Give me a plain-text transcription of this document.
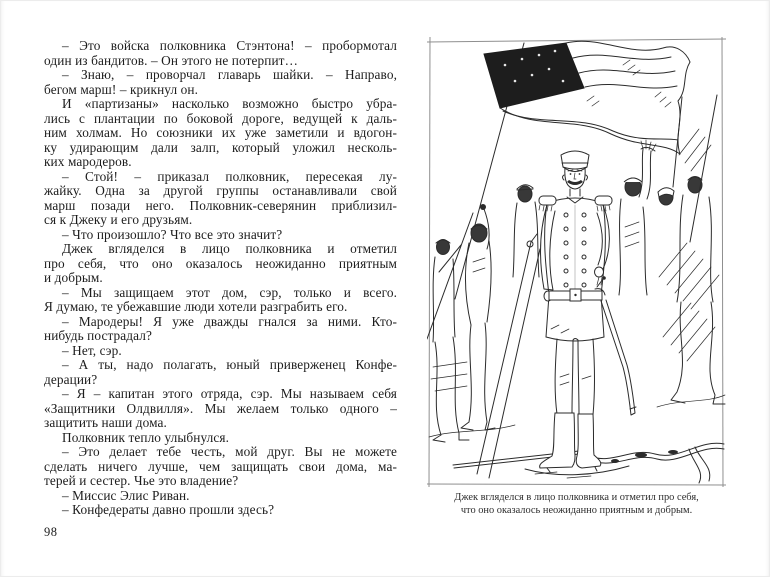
– Это войска полковника Стэнтона! – пробормотал
один из бандитов. – Он этого не потерпит…
– Знаю, – проворчал главарь шайки. – Направо,
бегом марш! – крикнул он.
И «партизаны» насколько возможно быстро убра-
лись с плантации по боковой дороге, ведущей к даль-
ним холмам. Но союзники их уже заметили и вдогон-
ку удирающим дали залп, который уложил несколь-
ких мародеров.
– Стой! – приказал полковник, пересекая лу-
жайку. Одна за другой группы останавливали свой
марш позади него. Полковник-северянин приблизил-
ся к Джеку и его друзьям.
– Что произошло? Что все это значит?
Джек вгляделся в лицо полковника и отметил
про себя, что оно оказалось неожиданно приятным
и добрым.
– Мы защищаем этот дом, сэр, только и всего.
Я думаю, те убежавшие люди хотели разграбить его.
– Мародеры! Я уже дважды гнался за ними. Кто-
нибудь пострадал?
– Нет, сэр.
– А ты, надо полагать, юный приверженец Конфе-
дерации?
– Я – капитан этого отряда, сэр. Мы называем себя
«Защитники Олдвилля». Мы желаем только одного –
защитить наши дома.
Полковник тепло улыбнулся.
– Это делает тебе честь, мой друг. Вы не можете
сделать ничего лучше, чем защищать свои дома, ма-
терей и сестер. Чье это владение?
– Миссис Элис Риван.
– Конфедераты давно прошли здесь?
98
Джек вгляделся в лицо полковника и отметил про себя,
что оно оказалось неожиданно приятным и добрым.
